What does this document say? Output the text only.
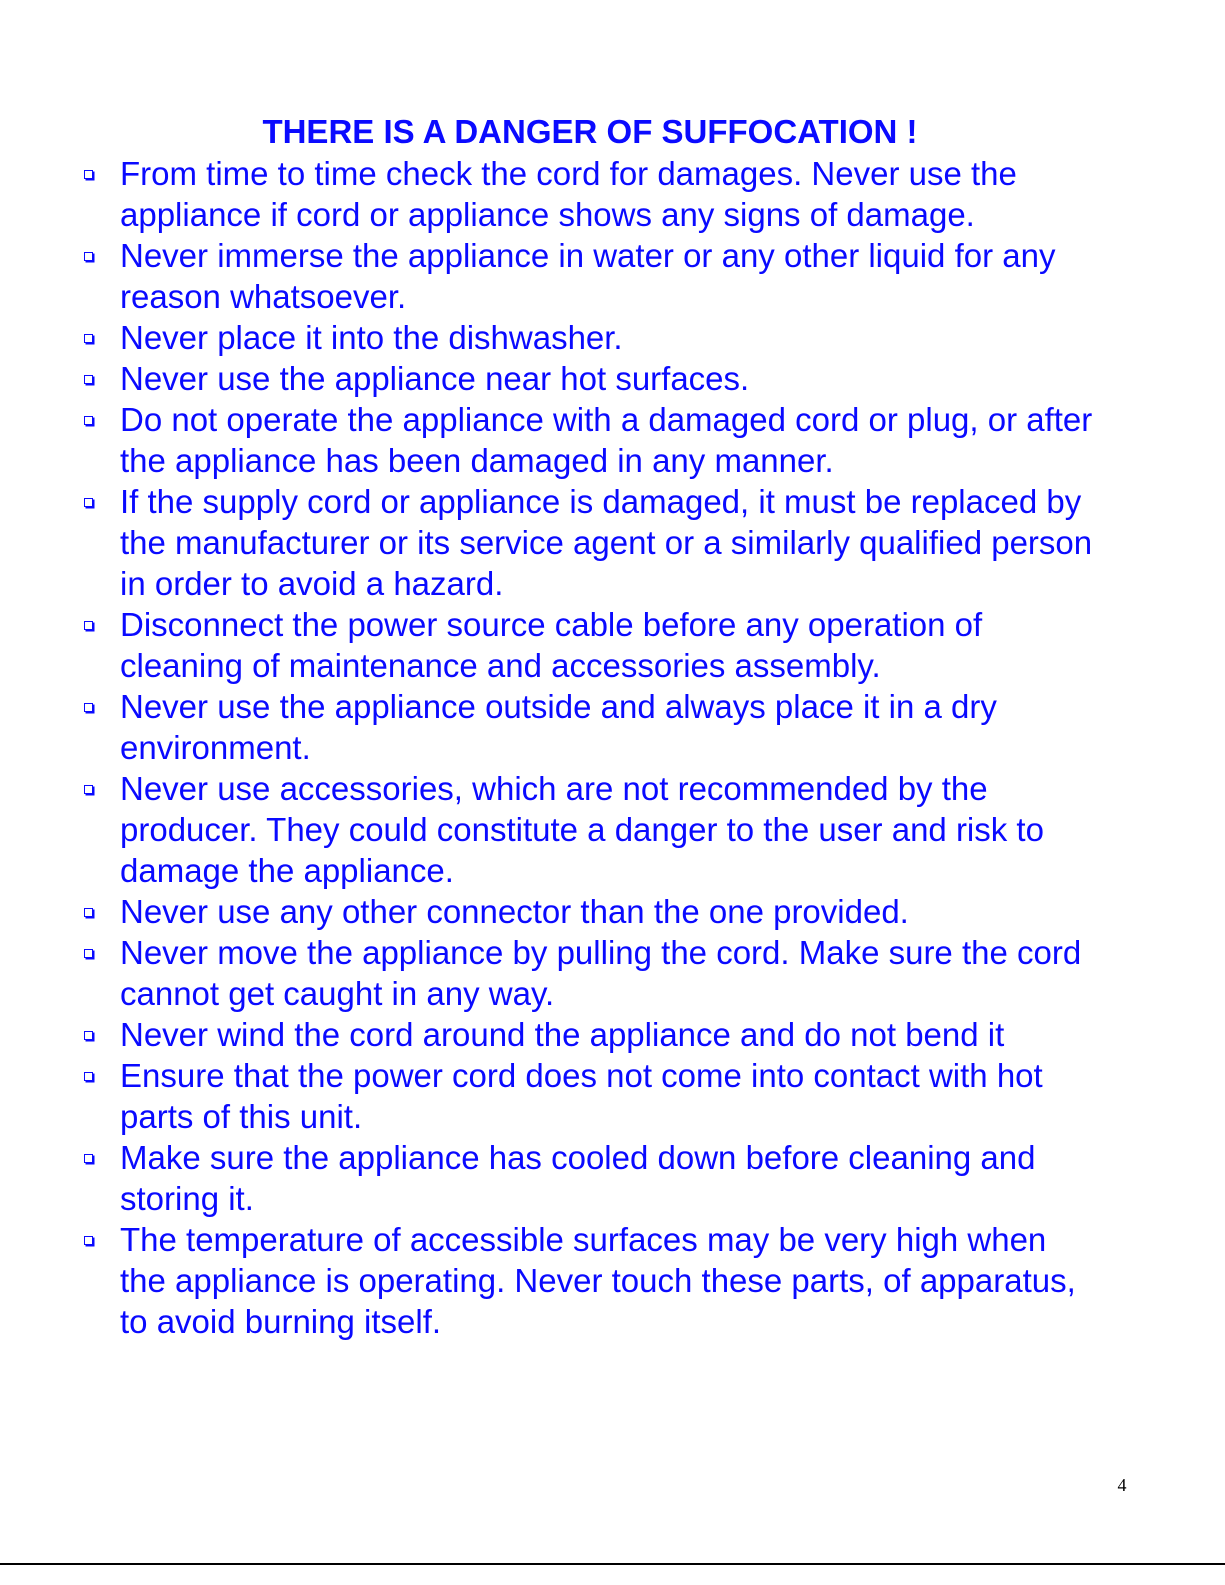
THERE IS A DANGER OF SUFFOCATION !
From time to time check the cord for damages. Never use the appliance if cord or appliance shows any signs of damage.
Never immerse the appliance in water or any other liquid for any reason whatsoever.
Never place it into the dishwasher.
Never use the appliance near hot surfaces.
Do not operate the appliance with a damaged cord or plug, or after the appliance has been damaged in any manner.
If the supply cord or appliance is damaged, it must be replaced by the manufacturer or its service agent or a similarly qualified person in order to avoid a hazard.
Disconnect the power source cable before any operation of cleaning of maintenance and accessories assembly.
Never use the appliance outside and always place it in a dry environment.
Never use accessories, which are not recommended by the producer. They could constitute a danger to the user and risk to damage the appliance.
Never use any other connector than the one provided.
Never move the appliance by pulling the cord. Make sure the cord cannot get caught in any way.
Never wind the cord around the appliance and do not bend it
Ensure that the power cord does not come into contact with hot parts of this unit.
Make sure the appliance has cooled down before cleaning and storing it.
The temperature of accessible surfaces may be very high when the appliance is operating. Never touch these parts, of apparatus, to avoid burning itself.
4
